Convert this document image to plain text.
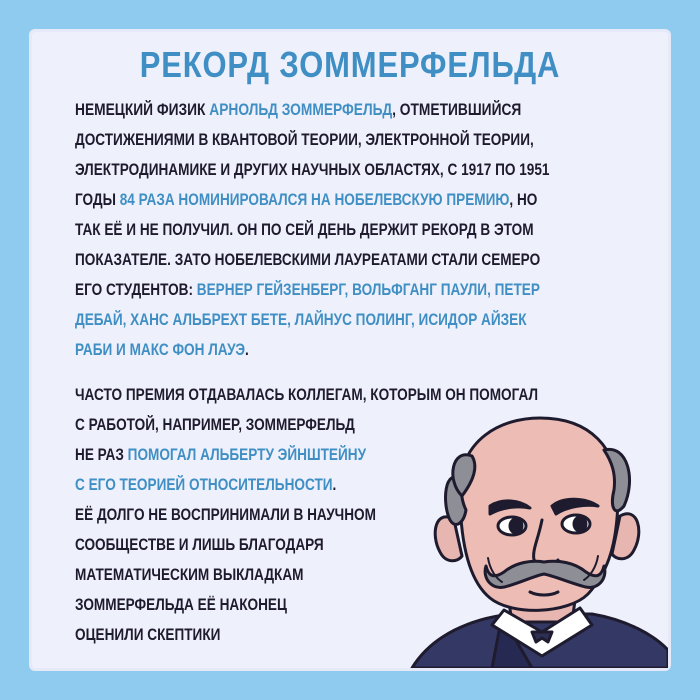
РЕКОРД ЗОММЕРФЕЛЬДА
НЕМЕЦКИЙ ФИЗИК АРНОЛЬД ЗОММЕРФЕЛЬД, ОТМЕТИВШИЙСЯ
ДОСТИЖЕНИЯМИ В КВАНТОВОЙ ТЕОРИИ, ЭЛЕКТРОННОЙ ТЕОРИИ,
ЭЛЕКТРОДИНАМИКЕ И ДРУГИХ НАУЧНЫХ ОБЛАСТЯХ, С 1917 ПО 1951
ГОДЫ 84 РАЗА НОМИНИРОВАЛСЯ НА НОБЕЛЕВСКУЮ ПРЕМИЮ, НО
ТАК ЕЁ И НЕ ПОЛУЧИЛ. ОН ПО СЕЙ ДЕНЬ ДЕРЖИТ РЕКОРД В ЭТОМ
ПОКАЗАТЕЛЕ. ЗАТО НОБЕЛЕВСКИМИ ЛАУРЕАТАМИ СТАЛИ СЕМЕРО
ЕГО СТУДЕНТОВ: ВЕРНЕР ГЕЙЗЕНБЕРГ, ВОЛЬФГАНГ ПАУЛИ, ПЕТЕР
ДЕБАЙ, ХАНС АЛЬБРЕХТ БЕТЕ, ЛАЙНУС ПОЛИНГ, ИСИДОР АЙЗЕК
РАБИ И МАКС ФОН ЛАУЭ.
ЧАСТО ПРЕМИЯ ОТДАВАЛАСЬ КОЛЛЕГАМ, КОТОРЫМ ОН ПОМОГАЛ
С РАБОТОЙ, НАПРИМЕР, ЗОММЕРФЕЛЬД
НЕ РАЗ ПОМОГАЛ АЛЬБЕРТУ ЭЙНШТЕЙНУ
С ЕГО ТЕОРИЕЙ ОТНОСИТЕЛЬНОСТИ.
ЕЁ ДОЛГО НЕ ВОСПРИНИМАЛИ В НАУЧНОМ
СООБЩЕСТВЕ И ЛИШЬ БЛАГОДАРЯ
МАТЕМАТИЧЕСКИМ ВЫКЛАДКАМ
ЗОММЕРФЕЛЬДА ЕЁ НАКОНЕЦ
ОЦЕНИЛИ СКЕПТИКИ
